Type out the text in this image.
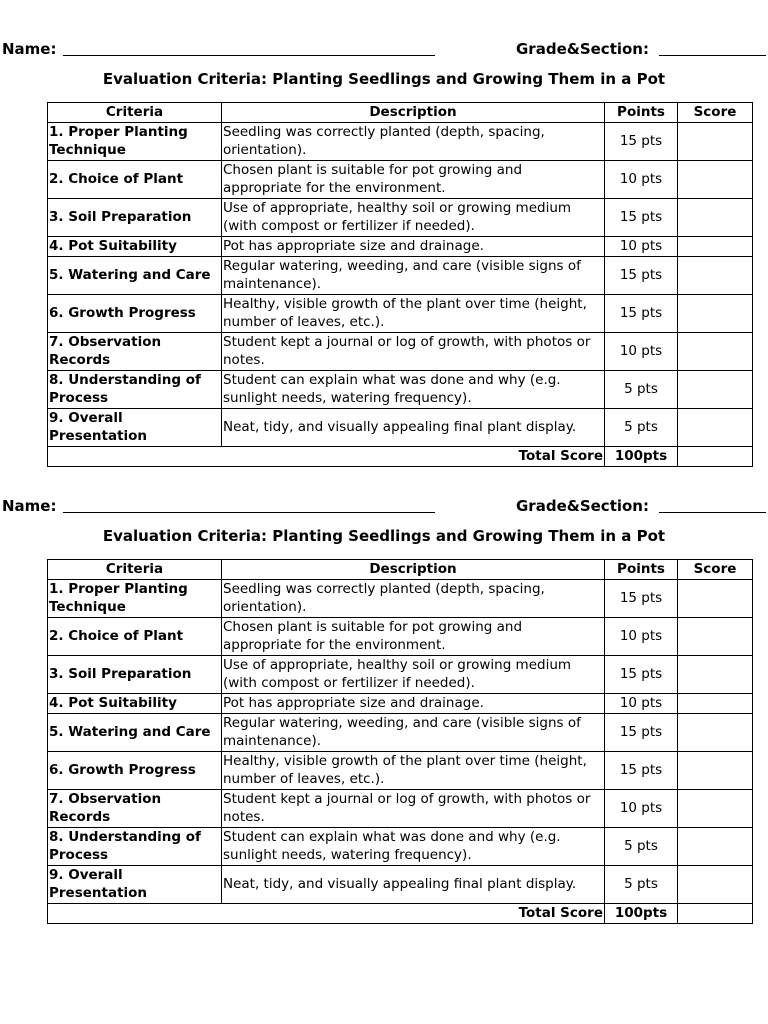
Name:	Grade&Section:
Evaluation Criteria: Planting Seedlings and Growing Them in a Pot
Criteria	Description	Points	Score
1. Proper Planting Technique	Seedling was correctly planted (depth, spacing, orientation).	15 pts	
2. Choice of Plant	Chosen plant is suitable for pot growing and appropriate for the environment.	10 pts	
3. Soil Preparation	Use of appropriate, healthy soil or growing medium (with compost or fertilizer if needed).	15 pts	
4. Pot Suitability	Pot has appropriate size and drainage.	10 pts	
5. Watering and Care	Regular watering, weeding, and care (visible signs of maintenance).	15 pts	
6. Growth Progress	Healthy, visible growth of the plant over time (height, number of leaves, etc.).	15 pts	
7. Observation Records	Student kept a journal or log of growth, with photos or notes.	10 pts	
8. Understanding of Process	Student can explain what was done and why (e.g. sunlight needs, watering frequency).	5 pts	
9. Overall Presentation	Neat, tidy, and visually appealing final plant display.	5 pts	
Total Score		100pts	
Name:	Grade&Section:
Evaluation Criteria: Planting Seedlings and Growing Them in a Pot
Criteria	Description	Points	Score
1. Proper Planting Technique	Seedling was correctly planted (depth, spacing, orientation).	15 pts	
2. Choice of Plant	Chosen plant is suitable for pot growing and appropriate for the environment.	10 pts	
3. Soil Preparation	Use of appropriate, healthy soil or growing medium (with compost or fertilizer if needed).	15 pts	
4. Pot Suitability	Pot has appropriate size and drainage.	10 pts	
5. Watering and Care	Regular watering, weeding, and care (visible signs of maintenance).	15 pts	
6. Growth Progress	Healthy, visible growth of the plant over time (height, number of leaves, etc.).	15 pts	
7. Observation Records	Student kept a journal or log of growth, with photos or notes.	10 pts	
8. Understanding of Process	Student can explain what was done and why (e.g. sunlight needs, watering frequency).	5 pts	
9. Overall Presentation	Neat, tidy, and visually appealing final plant display.	5 pts	
Total Score		100pts	
